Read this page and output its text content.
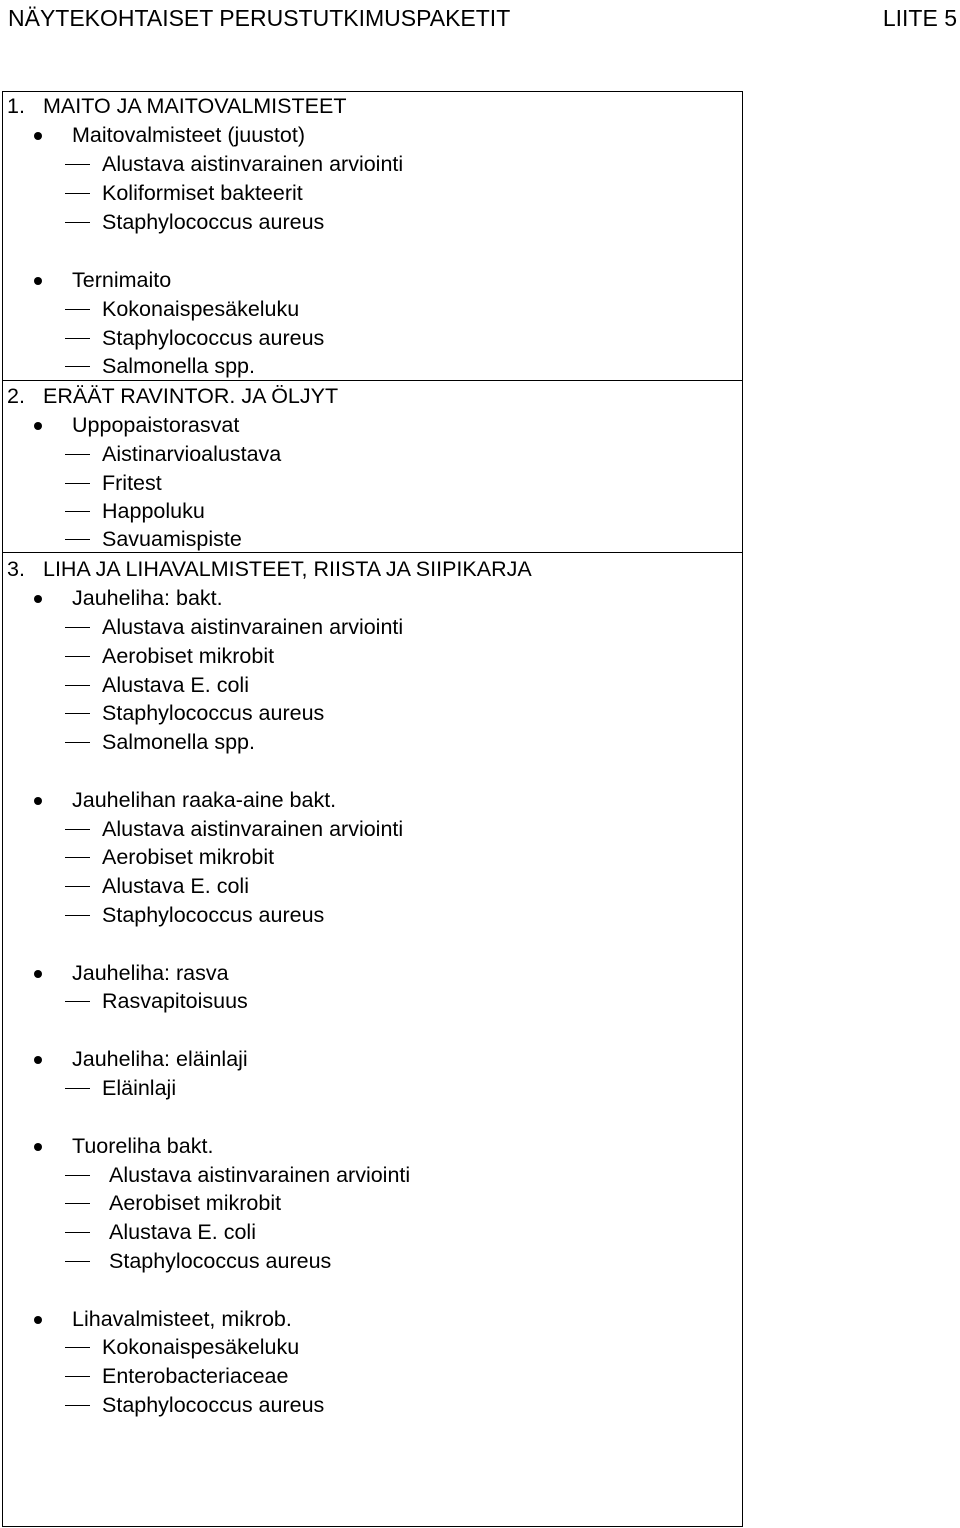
NÄYTEKOHTAISET PERUSTUTKIMUSPAKETIT	LIITE 5
1. MAITO JA MAITOVALMISTEET
Maitovalmisteet (juustot)
Alustava aistinvarainen arviointi
Koliformiset bakteerit
Staphylococcus aureus
Ternimaito
Kokonaispesäkeluku
Staphylococcus aureus
Salmonella spp.
2. ERÄÄT RAVINTOR. JA ÖLJYT
Uppopaistorasvat
Aistinarvioalustava
Fritest
Happoluku
Savuamispiste
3. LIHA JA LIHAVALMISTEET, RIISTA JA SIIPIKARJA
Jauheliha: bakt.
Alustava aistinvarainen arviointi
Aerobiset mikrobit
Alustava E. coli
Staphylococcus aureus
Salmonella spp.
Jauhelihan raaka-aine bakt.
Alustava aistinvarainen arviointi
Aerobiset mikrobit
Alustava E. coli
Staphylococcus aureus
Jauheliha: rasva
Rasvapitoisuus
Jauheliha: eläinlaji
Eläinlaji
Tuoreliha bakt.
Alustava aistinvarainen arviointi
Aerobiset mikrobit
Alustava E. coli
Staphylococcus aureus
Lihavalmisteet, mikrob.
Kokonaispesäkeluku
Enterobacteriaceae
Staphylococcus aureus
